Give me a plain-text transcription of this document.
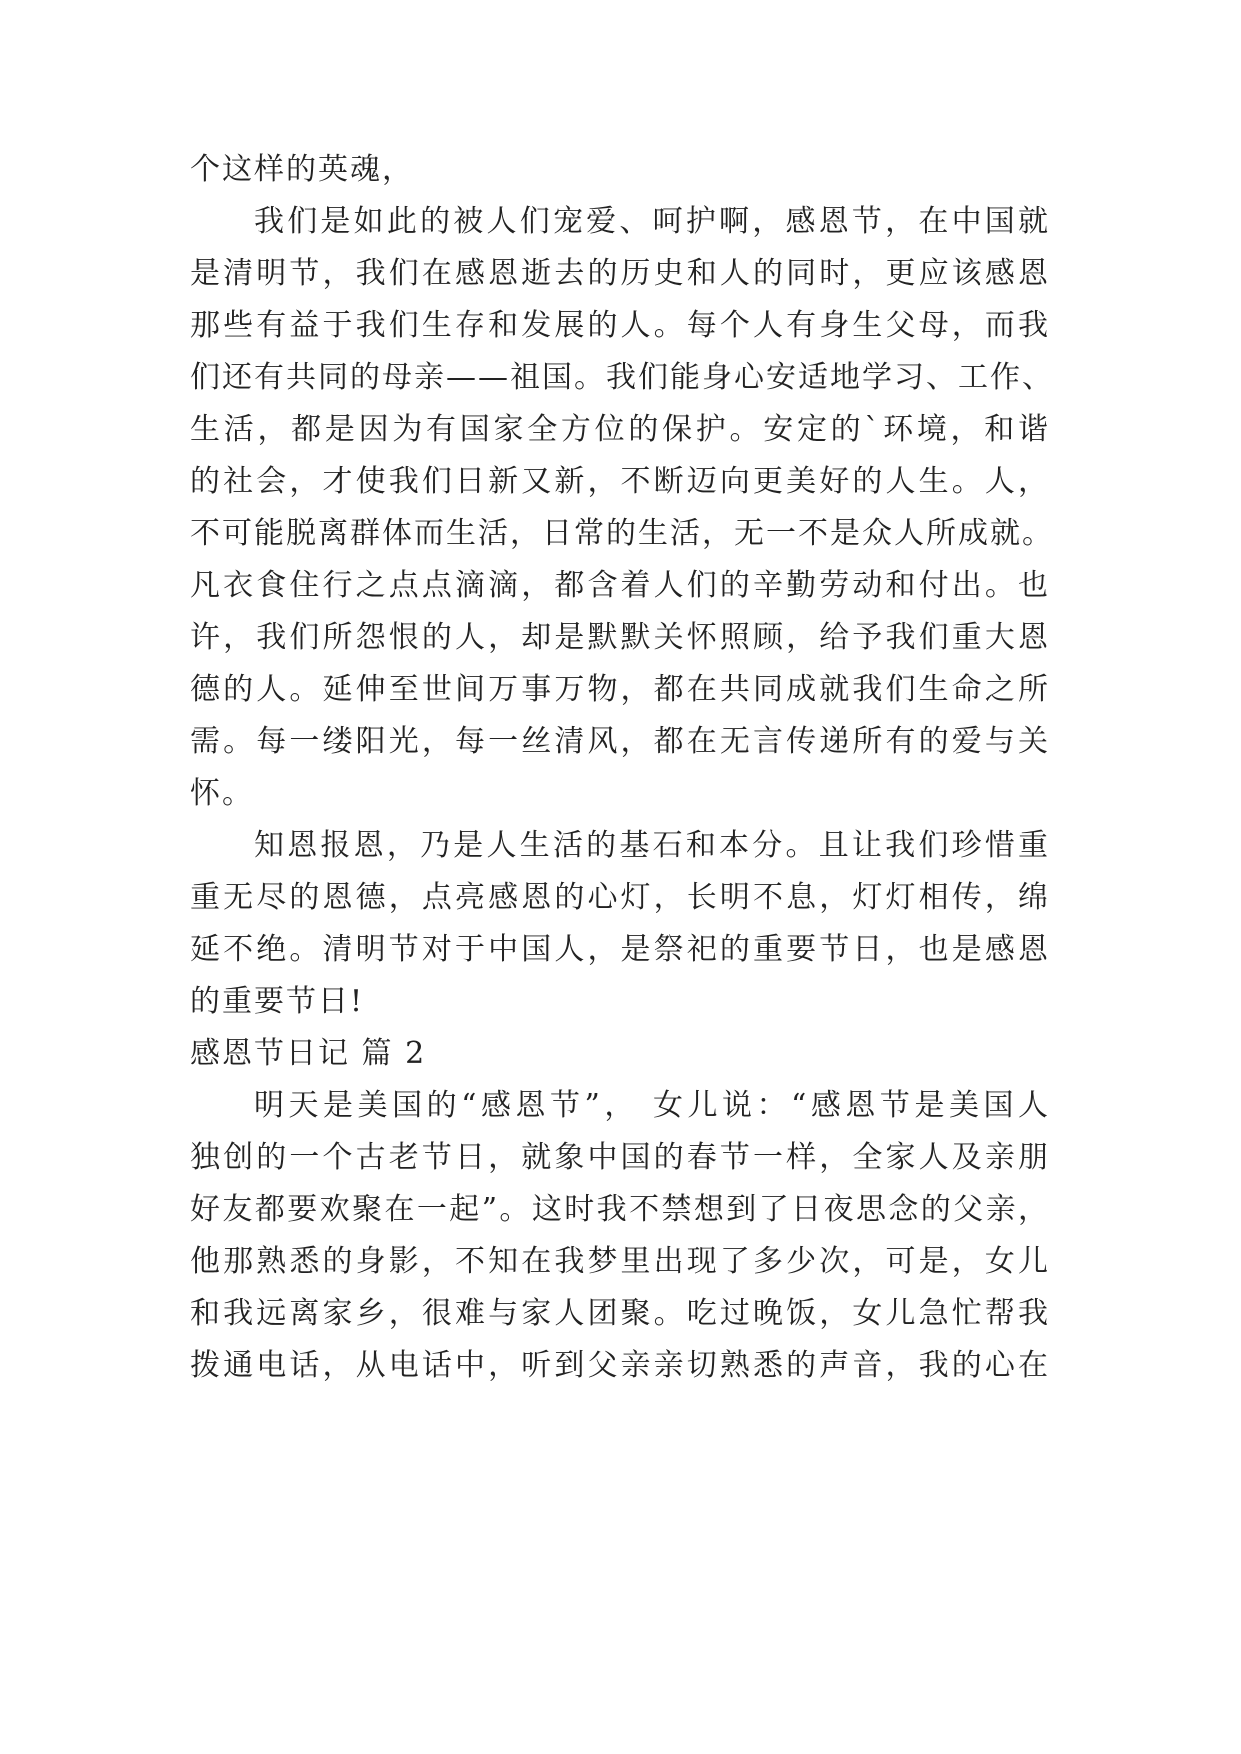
个这样的英魂，
我们是如此的被人们宠爱、呵护啊，感恩节，在中国就
是清明节，我们在感恩逝去的历史和人的同时，更应该感恩
那些有益于我们生存和发展的人。每个人有身生父母，而我
们还有共同的母亲——祖国。我们能身心安适地学习、工作、
生活，都是因为有国家全方位的保护。安定的`环境，和谐
的社会，才使我们日新又新，不断迈向更美好的人生。人，
不可能脱离群体而生活，日常的生活，无一不是众人所成就。
凡衣食住行之点点滴滴，都含着人们的辛勤劳动和付出。也
许，我们所怨恨的人，却是默默关怀照顾，给予我们重大恩
德的人。延伸至世间万事万物，都在共同成就我们生命之所
需。每一缕阳光，每一丝清风，都在无言传递所有的爱与关
怀。
知恩报恩，乃是人生活的基石和本分。且让我们珍惜重
重无尽的恩德，点亮感恩的心灯，长明不息，灯灯相传，绵
延不绝。清明节对于中国人，是祭祀的重要节日，也是感恩
的重要节日!
感恩节日记 篇 2
明天是美国的“感恩节”， 女儿说：“感恩节是美国人
独创的一个古老节日，就象中国的春节一样，全家人及亲朋
好友都要欢聚在一起”。这时我不禁想到了日夜思念的父亲，
他那熟悉的身影，不知在我梦里出现了多少次，可是，女儿
和我远离家乡，很难与家人团聚。吃过晚饭，女儿急忙帮我
拨通电话，从电话中，听到父亲亲切熟悉的声音，我的心在
